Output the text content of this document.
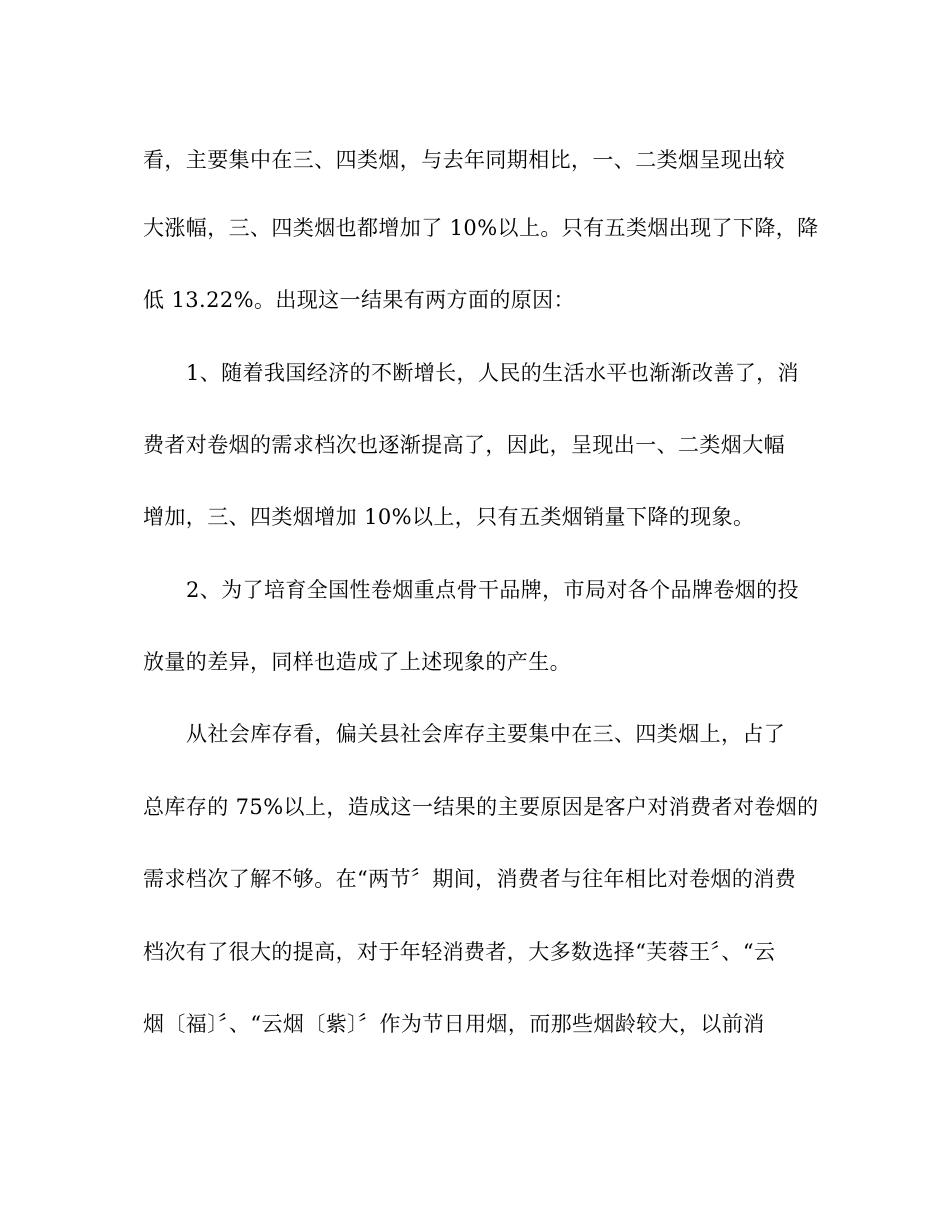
看，主要集中在三、四类烟，与去年同期相比，一、二类烟呈现出较
大涨幅，三、四类烟也都增加了 10%以上。只有五类烟出现了下降，降
低 13.22%。出现这一结果有两方面的原因：
1、随着我国经济的不断增长，人民的生活水平也渐渐改善了，消
费者对卷烟的需求档次也逐渐提高了，因此，呈现出一、二类烟大幅
增加，三、四类烟增加 10%以上，只有五类烟销量下降的现象。
2、为了培育全国性卷烟重点骨干品牌，市局对各个品牌卷烟的投
放量的差异，同样也造成了上述现象的产生。
从社会库存看，偏关县社会库存主要集中在三、四类烟上，占了
总库存的 75%以上，造成这一结果的主要原因是客户对消费者对卷烟的
需求档次了解不够。在“两节〞期间，消费者与往年相比对卷烟的消费
档次有了很大的提高，对于年轻消费者，大多数选择“芙蓉王〞、“云
烟〔福〕〞、“云烟〔紫〕〞作为节日用烟，而那些烟龄较大，以前消
